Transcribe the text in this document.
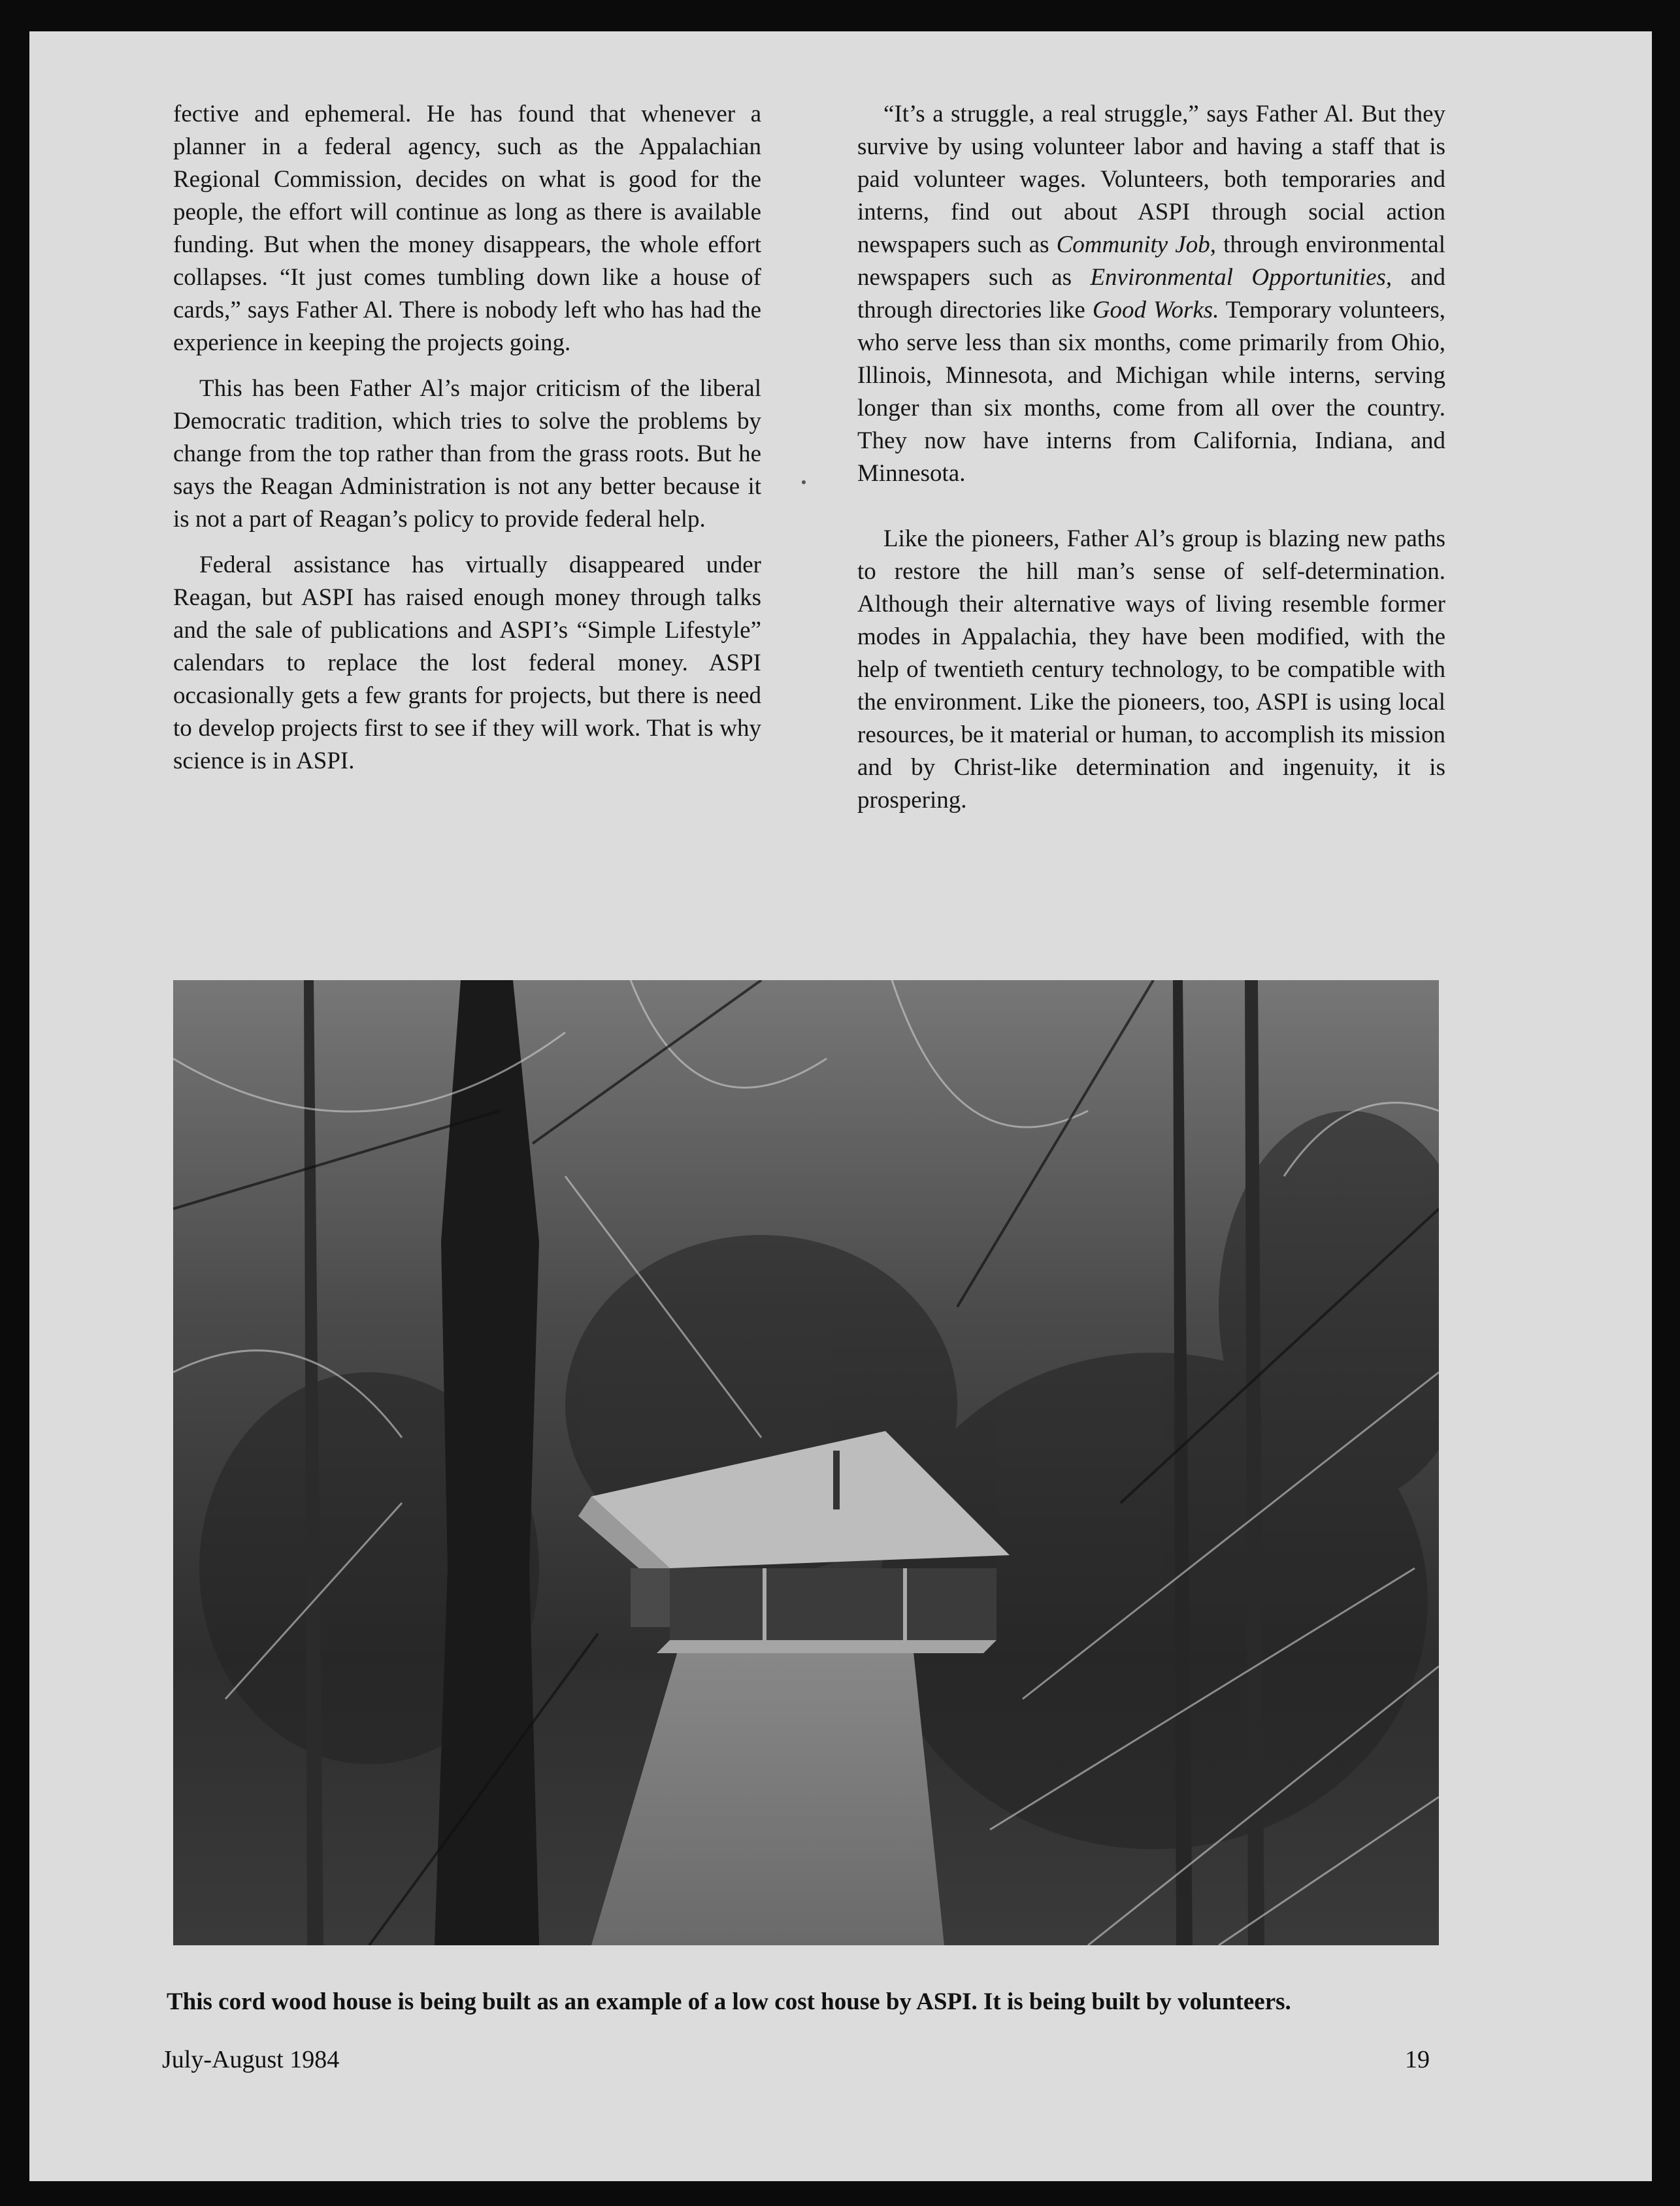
fective and ephemeral. He has found that whenever a planner in a federal agency, such as the Appalachian Regional Commission, decides on what is good for the people, the effort will continue as long as there is available funding. But when the money disappears, the whole effort collapses. “It just comes tumbling down like a house of cards,” says Father Al. There is nobody left who has had the experience in keeping the projects going.

This has been Father Al’s major criticism of the liberal Democratic tradition, which tries to solve the problems by change from the top rather than from the grass roots. But he says the Reagan Administration is not any better because it is not a part of Reagan’s policy to provide federal help.

Federal assistance has virtually disappeared under Reagan, but ASPI has raised enough money through talks and the sale of publications and ASPI’s “Simple Lifestyle” calendars to replace the lost federal money. ASPI occasionally gets a few grants for projects, but there is need to develop projects first to see if they will work. That is why science is in ASPI.

“It’s a struggle, a real struggle,” says Father Al. But they survive by using volunteer labor and having a staff that is paid volunteer wages. Volunteers, both temporaries and interns, find out about ASPI through social action newspapers such as Community Job, through environmental newspapers such as Environmental Opportunities, and through directories like Good Works. Temporary volunteers, who serve less than six months, come primarily from Ohio, Illinois, Minnesota, and Michigan while interns, serving longer than six months, come from all over the country. They now have interns from California, Indiana, and Minnesota.

Like the pioneers, Father Al’s group is blazing new paths to restore the hill man’s sense of self-determination. Although their alternative ways of living resemble former modes in Appalachia, they have been modified, with the help of twentieth century technology, to be compatible with the environment. Like the pioneers, too, ASPI is using local resources, be it material or human, to accomplish its mission and by Christ-like determination and ingenuity, it is prospering.

This cord wood house is being built as an example of a low cost house by ASPI. It is being built by volunteers.
July-August 1984	19
